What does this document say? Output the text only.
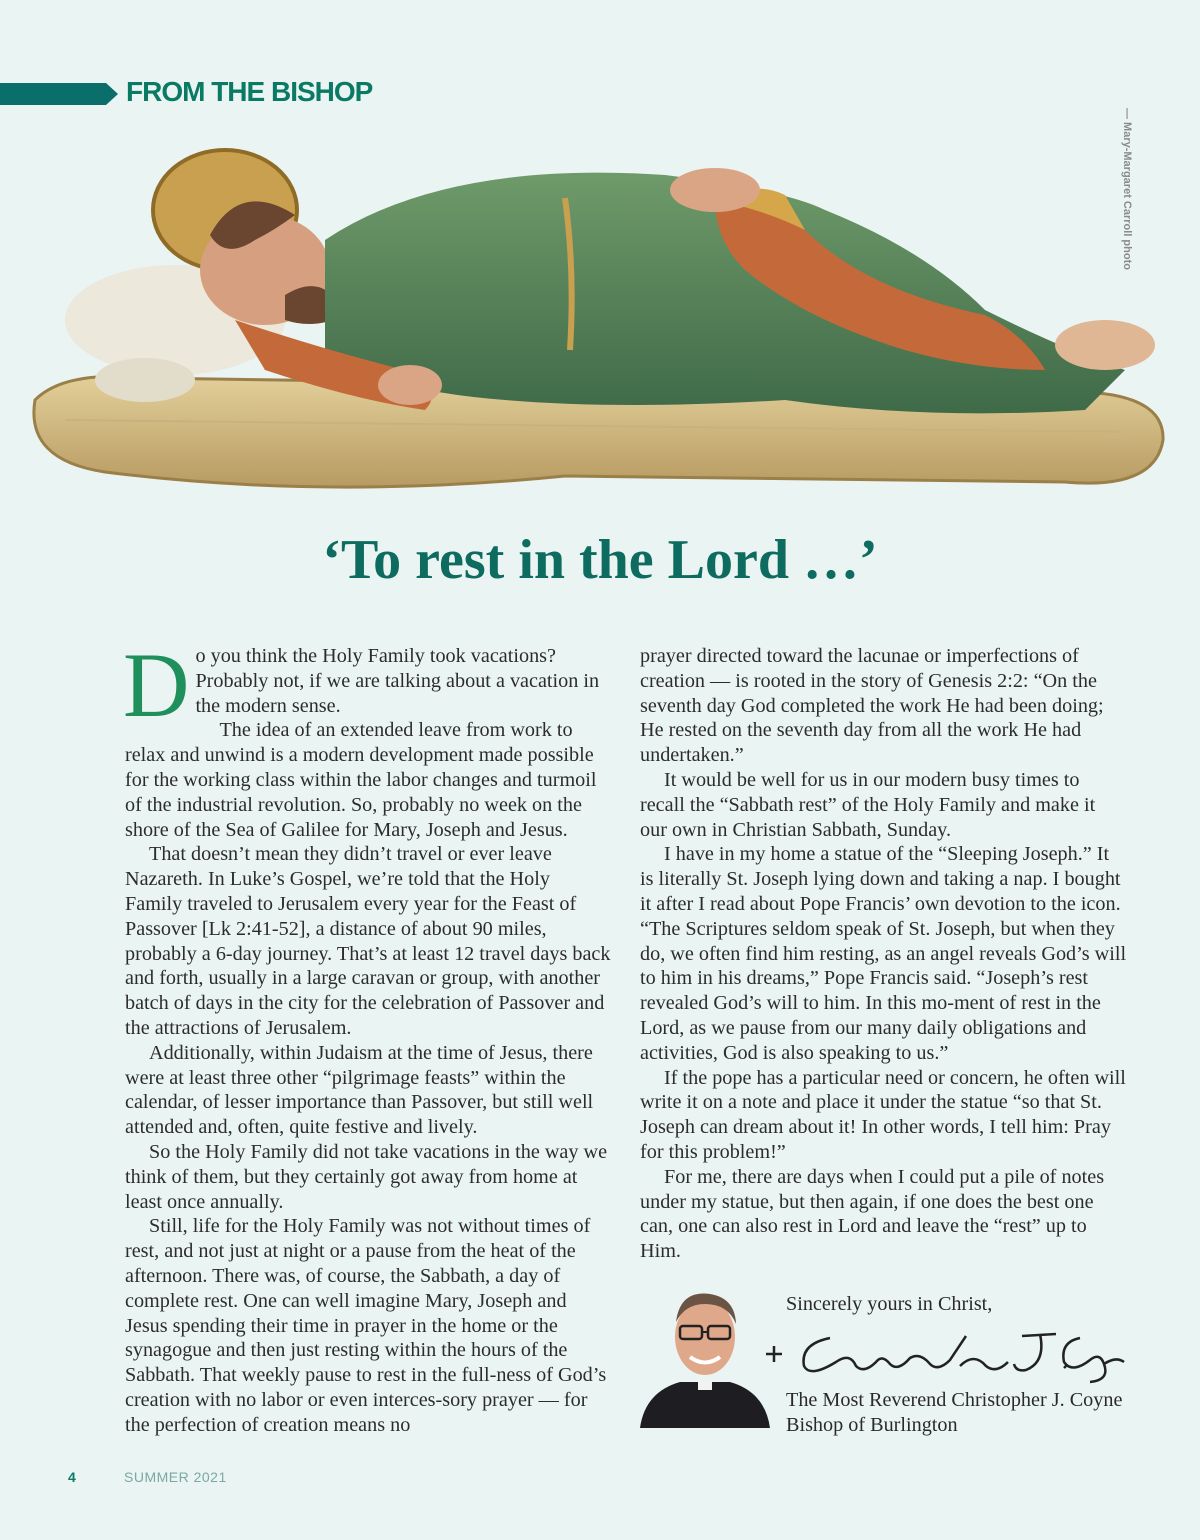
FROM THE BISHOP
— Mary-Margaret Carroll photo
‘To rest in the Lord …’

Do you think the Holy Family took vacations? Probably not, if we are talking about a vacation in the modern sense.

The idea of an extended leave from work to relax and unwind is a modern development made possible for the working class within the labor changes and turmoil of the industrial revolution. So, probably no week on the shore of the Sea of Galilee for Mary, Joseph and Jesus.

That doesn’t mean they didn’t travel or ever leave Nazareth. In Luke’s Gospel, we’re told that the Holy Family traveled to Jerusalem every year for the Feast of Passover [Lk 2:41-52], a distance of about 90 miles, probably a 6-day journey. That’s at least 12 travel days back and forth, usually in a large caravan or group, with another batch of days in the city for the celebration of Passover and the attractions of Jerusalem.

Additionally, within Judaism at the time of Jesus, there were at least three other “pilgrimage feasts” within the calendar, of lesser importance than Passover, but still well attended and, often, quite festive and lively.

So the Holy Family did not take vacations in the way we think of them, but they certainly got away from home at least once annually.

Still, life for the Holy Family was not without times of rest, and not just at night or a pause from the heat of the afternoon. There was, of course, the Sabbath, a day of complete rest. One can well imagine Mary, Joseph and Jesus spending their time in prayer in the home or the synagogue and then just resting within the hours of the Sabbath. That weekly pause to rest in the full-ness of God’s creation with no labor or even interces-sory prayer — for the perfection of creation means no

prayer directed toward the lacunae or imperfections of creation — is rooted in the story of Genesis 2:2: “On the seventh day God completed the work He had been doing; He rested on the seventh day from all the work He had undertaken.”

It would be well for us in our modern busy times to recall the “Sabbath rest” of the Holy Family and make it our own in Christian Sabbath, Sunday.

I have in my home a statue of the “Sleeping Joseph.” It is literally St. Joseph lying down and taking a nap. I bought it after I read about Pope Francis’ own devotion to the icon. “The Scriptures seldom speak of St. Joseph, but when they do, we often find him resting, as an angel reveals God’s will to him in his dreams,” Pope Francis said. “Joseph’s rest revealed God’s will to him. In this mo-ment of rest in the Lord, as we pause from our many daily obligations and activities, God is also speaking to us.”

If the pope has a particular need or concern, he often will write it on a note and place it under the statue “so that St. Joseph can dream about it! In other words, I tell him: Pray for this problem!”

For me, there are days when I could put a pile of notes under my statue, but then again, if one does the best one can, one can also rest in Lord and leave the “rest” up to Him.

Sincerely yours in Christ,
The Most Reverend Christopher J. Coyne
Bishop of Burlington
4	SUMMER 2021
